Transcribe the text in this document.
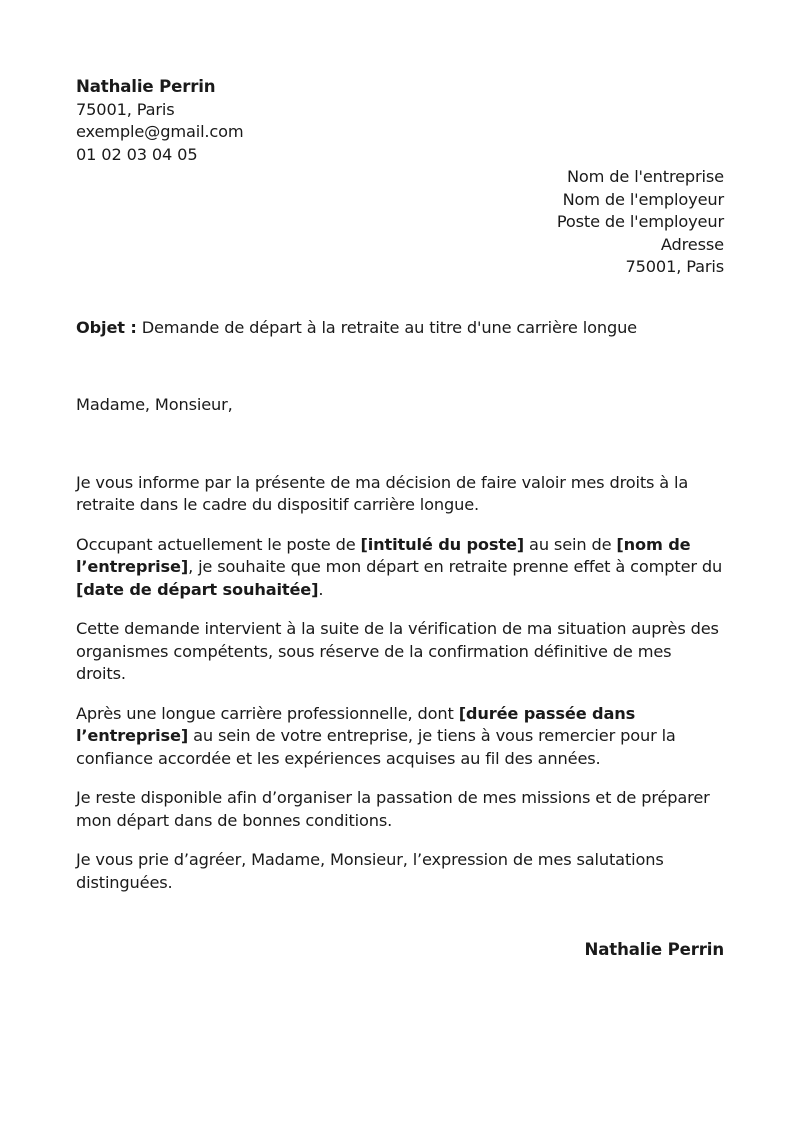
Nathalie Perrin
75001, Paris
exemple@gmail.com
01 02 03 04 05
Nom de l'entreprise
Nom de l'employeur
Poste de l'employeur
Adresse
75001, Paris
Objet : Demande de départ à la retraite au titre d'une carrière longue
Madame, Monsieur,

Je vous informe par la présente de ma décision de faire valoir mes droits à la retraite dans le cadre du dispositif carrière longue.

Occupant actuellement le poste de [intitulé du poste] au sein de [nom de l’entreprise], je souhaite que mon départ en retraite prenne effet à compter du [date de départ souhaitée].

Cette demande intervient à la suite de la vérification de ma situation auprès des organismes compétents, sous réserve de la confirmation définitive de mes droits.

Après une longue carrière professionnelle, dont [durée passée dans l’entreprise] au sein de votre entreprise, je tiens à vous remercier pour la confiance accordée et les expériences acquises au fil des années.

Je reste disponible afin d’organiser la passation de mes missions et de préparer mon départ dans de bonnes conditions.

Je vous prie d’agréer, Madame, Monsieur, l’expression de mes salutations distinguées.

Nathalie Perrin
